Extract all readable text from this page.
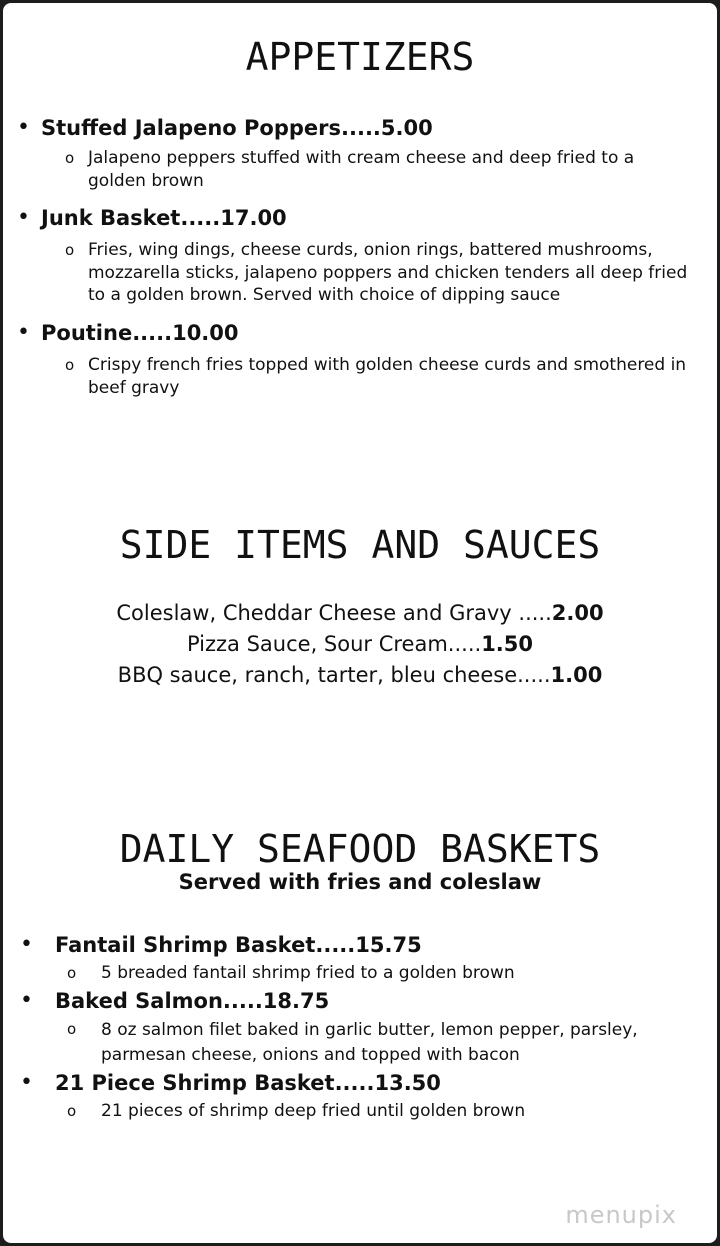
APPETIZERS
• Stuffed Jalapeno Poppers.....5.00
o Jalapeno peppers stuffed with cream cheese and deep fried to a golden brown
• Junk Basket.....17.00
o Fries, wing dings, cheese curds, onion rings, battered mushrooms, mozzarella sticks, jalapeno poppers and chicken tenders all deep fried to a golden brown. Served with choice of dipping sauce
• Poutine.....10.00
o Crispy french fries topped with golden cheese curds and smothered in beef gravy
SIDE ITEMS AND SAUCES
Coleslaw, Cheddar Cheese and Gravy .....2.00
Pizza Sauce, Sour Cream.....1.50
BBQ sauce, ranch, tarter, bleu cheese.....1.00
DAILY SEAFOOD BASKETS
Served with fries and coleslaw
• Fantail Shrimp Basket.....15.75
o 5 breaded fantail shrimp fried to a golden brown
• Baked Salmon.....18.75
o 8 oz salmon filet baked in garlic butter, lemon pepper, parsley, parmesan cheese, onions and topped with bacon
• 21 Piece Shrimp Basket.....13.50
o 21 pieces of shrimp deep fried until golden brown
menupix
